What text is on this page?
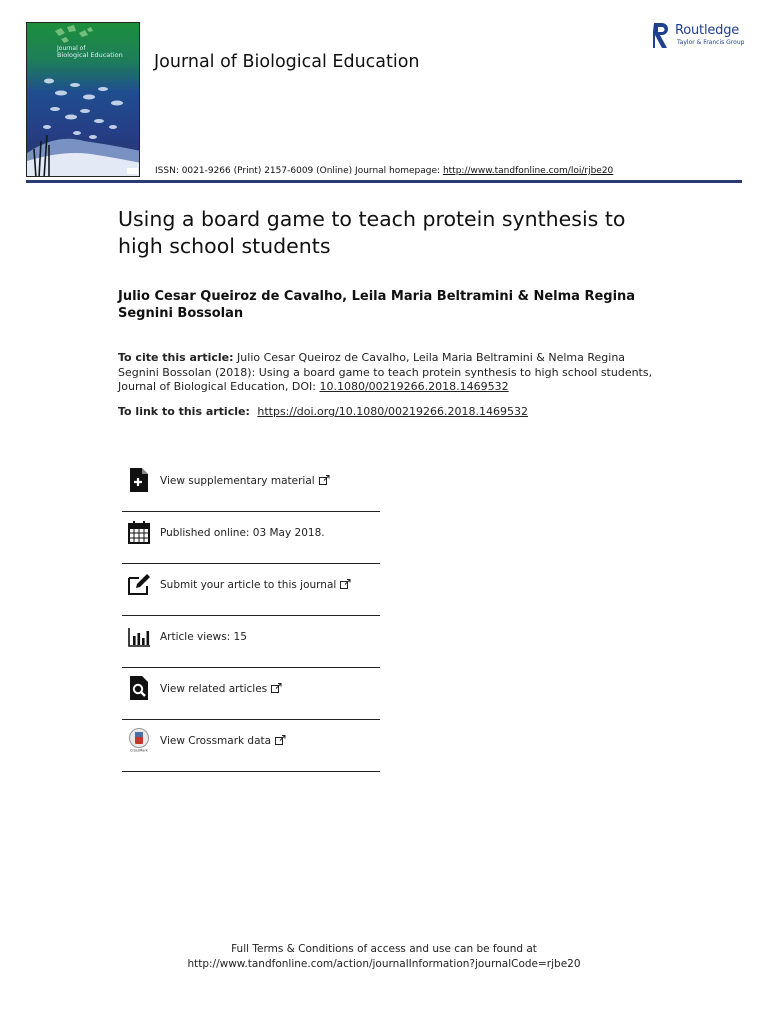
Journal of
Biological Education Journal of Biological Education
Routledge
Taylor & Francis Group
ISSN: 0021-9266 (Print) 2157-6009 (Online) Journal homepage: http://www.tandfonline.com/loi/rjbe20
Using a board game to teach protein synthesis to high school students
Julio Cesar Queiroz de Cavalho, Leila Maria Beltramini & Nelma Regina Segnini Bossolan
To cite this article: Julio Cesar Queiroz de Cavalho, Leila Maria Beltramini & Nelma Regina Segnini Bossolan (2018): Using a board game to teach protein synthesis to high school students, Journal of Biological Education, DOI: 10.1080/00219266.2018.1469532
To link to this article: https://doi.org/10.1080/00219266.2018.1469532
View supplementary material
Published online: 03 May 2018.
Submit your article to this journal
Article views: 15
View related articles
CrossMark
View Crossmark data
Full Terms & Conditions of access and use can be found at
http://www.tandfonline.com/action/journalInformation?journalCode=rjbe20
